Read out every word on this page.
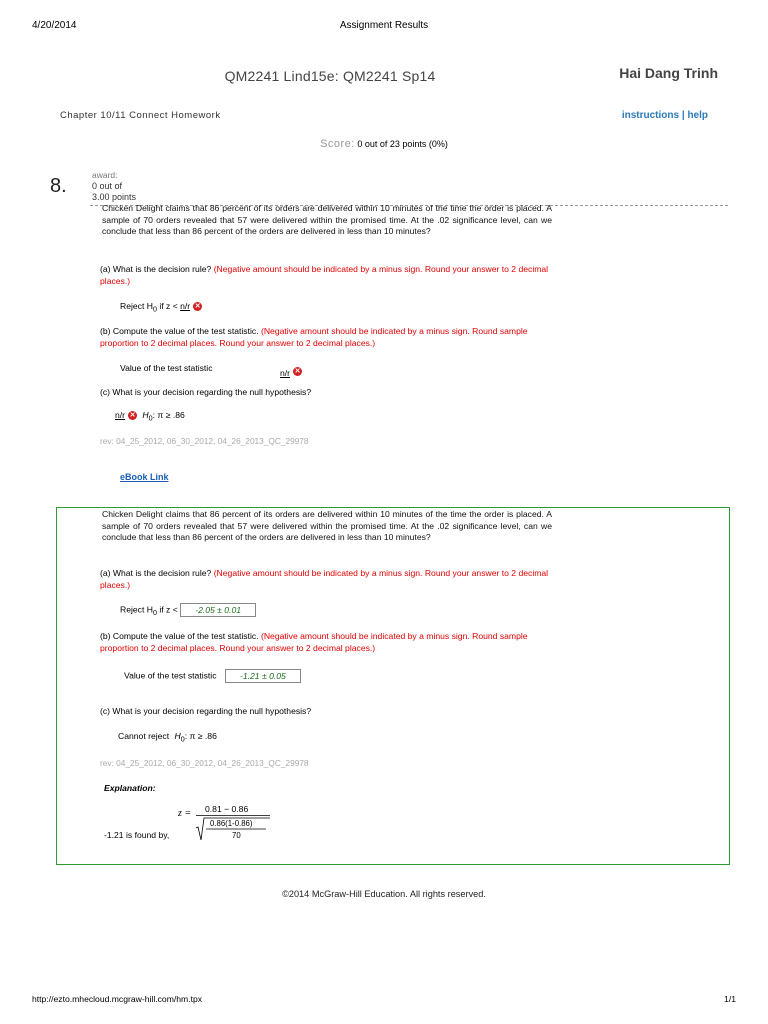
4/20/2014	Assignment Results
QM2241 Lind15e: QM2241 Sp14	Hai Dang Trinh
Chapter 10/11 Connect Homework	instructions | help
Score: 0 out of 23 points (0%)
8.	award:
0 out of
3.00 points
Chicken Delight claims that 86 percent of its orders are delivered within 10 minutes of the time the order is placed. A sample of 70 orders revealed that 57 were delivered within the promised time. At the .02 significance level, can we conclude that less than 86 percent of the orders are delivered in less than 10 minutes?
(a) What is the decision rule? (Negative amount should be indicated by a minus sign. Round your answer to 2 decimal places.)
Reject $H_0$ if z < n/r ✕
(b) Compute the value of the test statistic. (Negative amount should be indicated by a minus sign. Round sample proportion to 2 decimal places. Round your answer to 2 decimal places.)
Value of the test statistic	n/r ✕
(c) What is your decision regarding the null hypothesis?
n/r ✕ $H_0$: π ≥ .86
rev: 04_25_2012, 06_30_2012, 04_26_2013_QC_29978
eBook Link
Chicken Delight claims that 86 percent of its orders are delivered within 10 minutes of the time the order is placed. A sample of 70 orders revealed that 57 were delivered within the promised time. At the .02 significance level, can we conclude that less than 86 percent of the orders are delivered in less than 10 minutes?
(a) What is the decision rule? (Negative amount should be indicated by a minus sign. Round your answer to 2 decimal places.)
Reject $H_0$ if z < -2.05 ± 0.01
(b) Compute the value of the test statistic. (Negative amount should be indicated by a minus sign. Round sample proportion to 2 decimal places. Round your answer to 2 decimal places.)
Value of the test statistic	-1.21 ± 0.05
(c) What is your decision regarding the null hypothesis?
Cannot reject $H_0$: π ≥ .86
rev: 04_25_2012, 06_30_2012, 04_26_2013_QC_29978
Explanation:
-1.21 is found by,
z = 0.81 − 0.86
0.86(1-0.86)
70
©2014 McGraw-Hill Education. All rights reserved.
http://ezto.mhecloud.mcgraw-hill.com/hm.tpx	1/1
